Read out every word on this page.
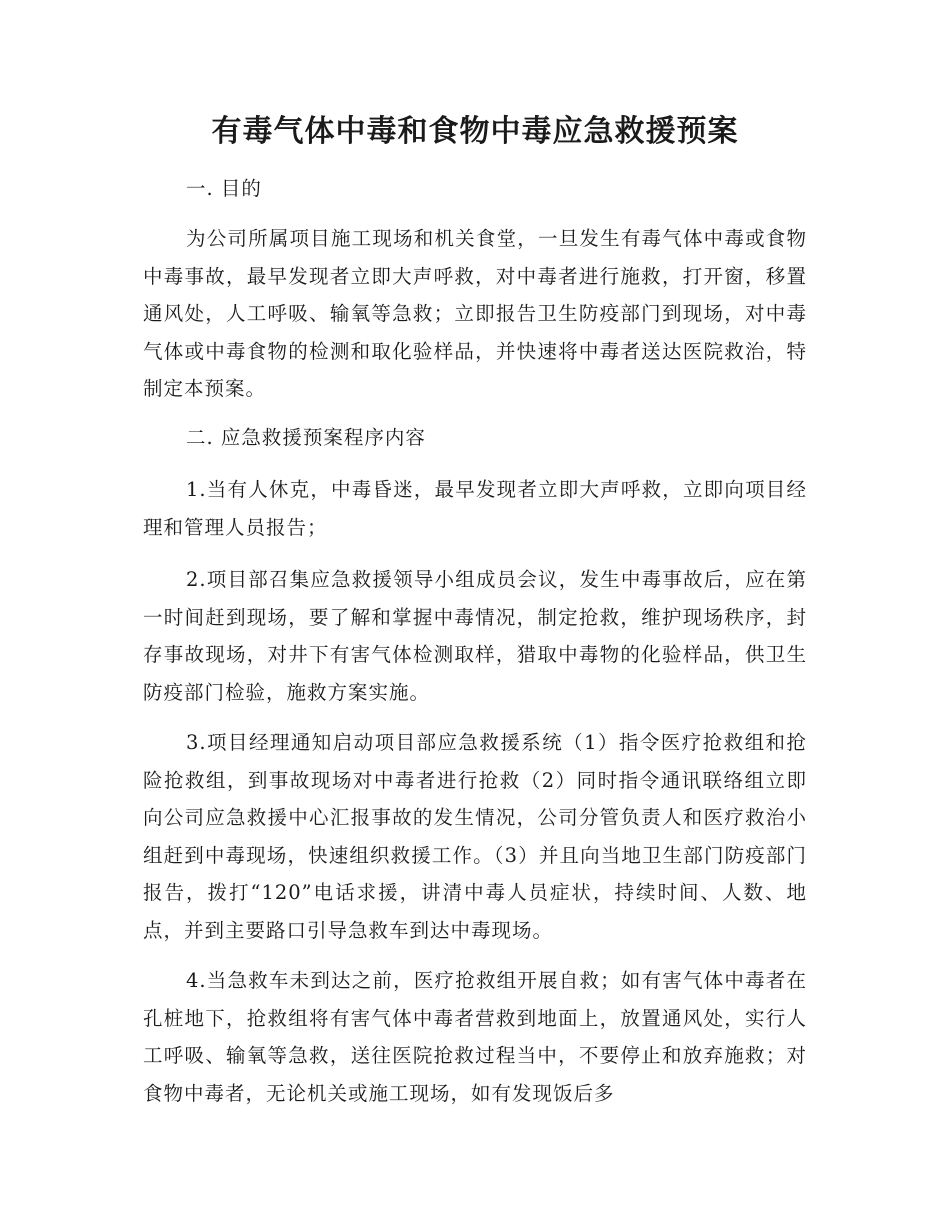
有毒气体中毒和食物中毒应急救援预案

一. 目的

为公司所属项目施工现场和机关食堂，一旦发生有毒气体中毒或食物中毒事故，最早发现者立即大声呼救，对中毒者进行施救，打开窗，移置通风处，人工呼吸、输氧等急救；立即报告卫生防疫部门到现场，对中毒气体或中毒食物的检测和取化验样品，并快速将中毒者送达医院救治，特制定本预案。

二. 应急救援预案程序内容

1.当有人休克，中毒昏迷，最早发现者立即大声呼救，立即向项目经理和管理人员报告；

2.项目部召集应急救援领导小组成员会议，发生中毒事故后，应在第一时间赶到现场，要了解和掌握中毒情况，制定抢救，维护现场秩序，封存事故现场，对井下有害气体检测取样，猎取中毒物的化验样品，供卫生防疫部门检验，施救方案实施。

3.项目经理通知启动项目部应急救援系统（1）指令医疗抢救组和抢险抢救组，到事故现场对中毒者进行抢救（2）同时指令通讯联络组立即向公司应急救援中心汇报事故的发生情况，公司分管负责人和医疗救治小组赶到中毒现场，快速组织救援工作。（3）并且向当地卫生部门防疫部门报告，拨打“120”电话求援，讲清中毒人员症状，持续时间、人数、地点，并到主要路口引导急救车到达中毒现场。

4.当急救车未到达之前，医疗抢救组开展自救；如有害气体中毒者在孔桩地下，抢救组将有害气体中毒者营救到地面上，放置通风处，实行人工呼吸、输氧等急救，送往医院抢救过程当中，不要停止和放弃施救；对食物中毒者，无论机关或施工现场，如有发现饭后多
